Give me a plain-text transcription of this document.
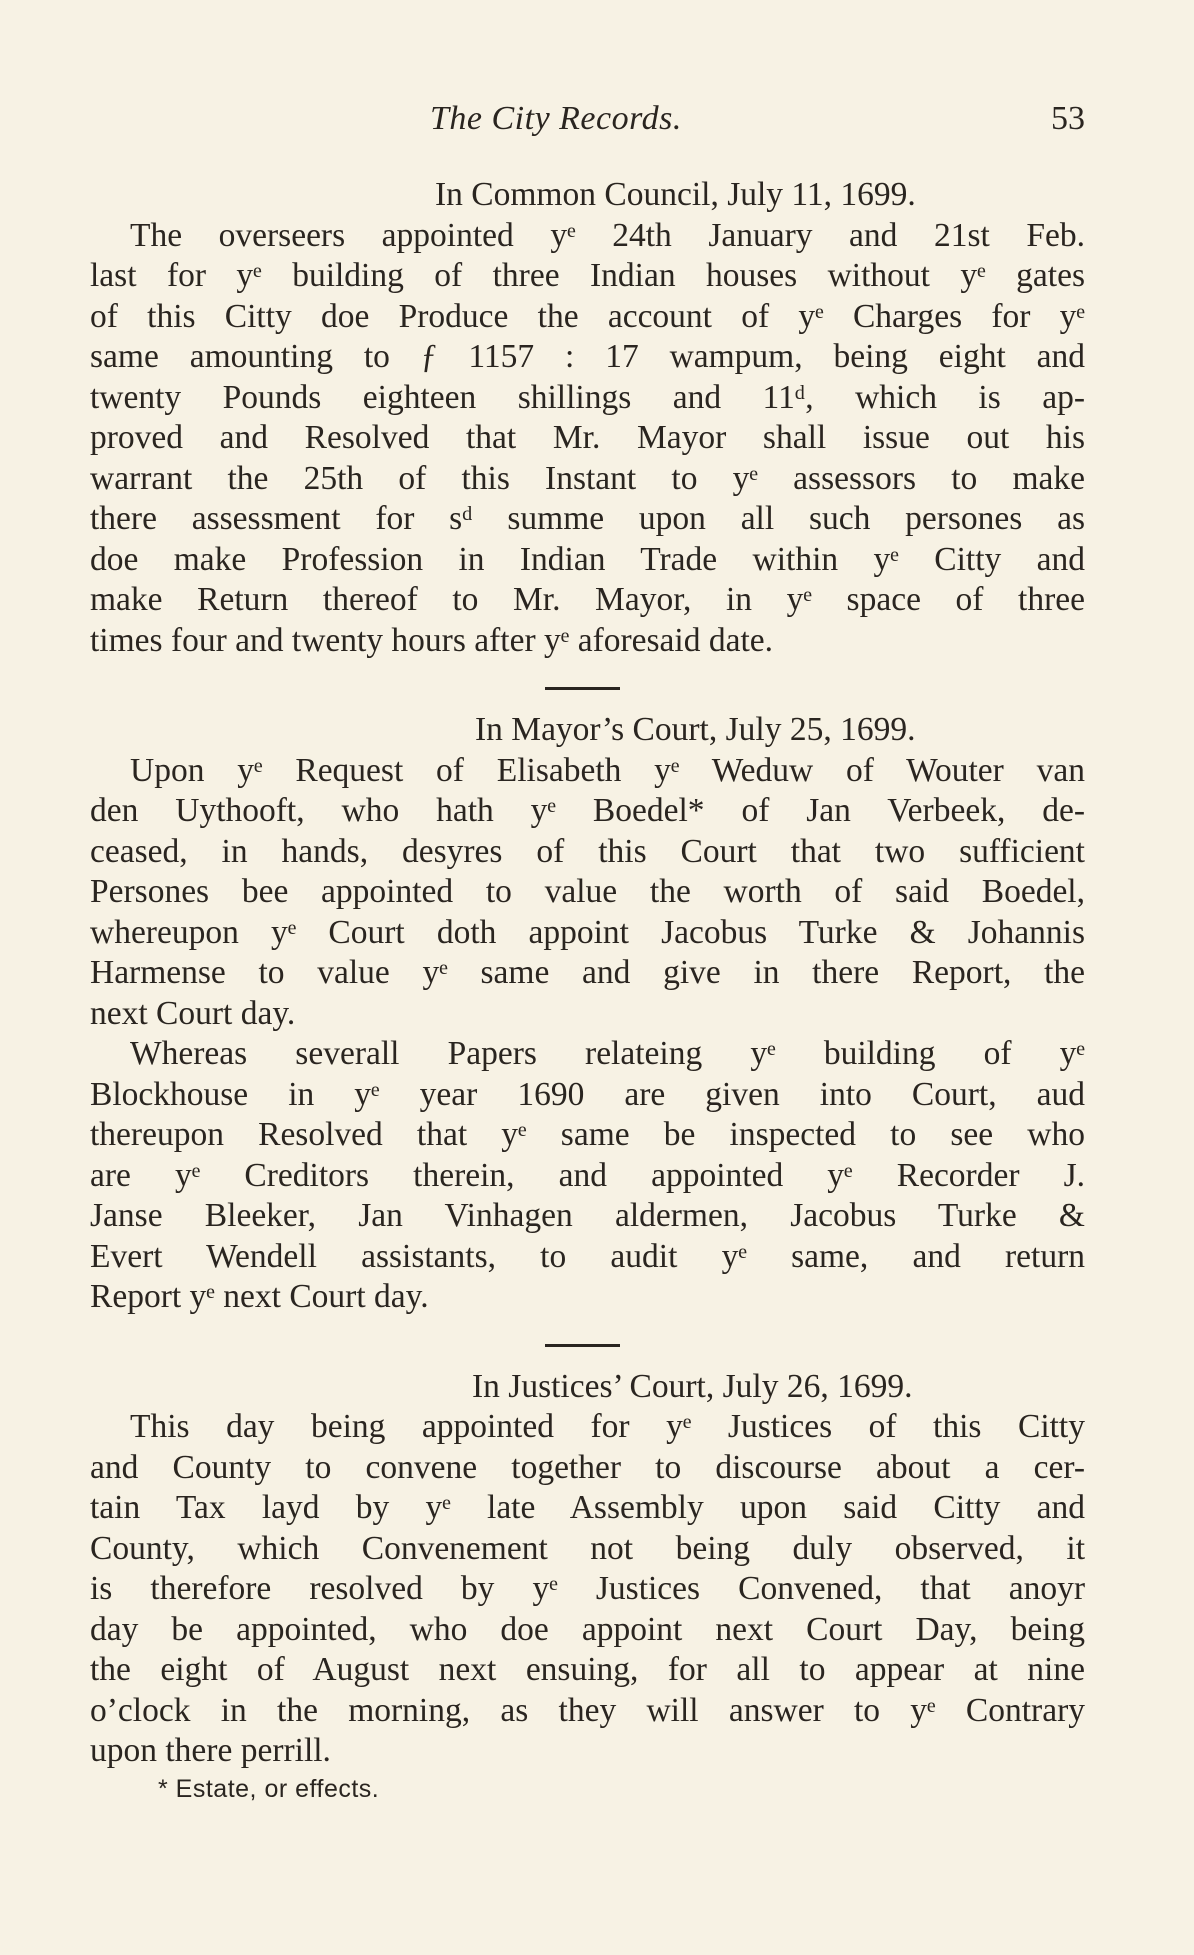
The City Records.	53
In Common Council, July 11, 1699.
The overseers appointed yᵉ 24th January and 21st Feb.
last for yᵉ building of three Indian houses without yᵉ gates
of this Citty doe Produce the account of yᵉ Charges for yᵉ
same amounting to ƒ 1157 : 17 wampum, being eight and
twenty Pounds eighteen shillings and 11ᵈ, which is ap-
proved and Resolved that Mr. Mayor shall issue out his
warrant the 25th of this Instant to yᵉ assessors to make
there assessment for sᵈ summe upon all such persones as
doe make Profession in Indian Trade within yᵉ Citty and
make Return thereof to Mr. Mayor, in yᵉ space of three
times four and twenty hours after yᵉ aforesaid date.
In Mayor’s Court, July 25, 1699.
Upon yᵉ Request of Elisabeth yᵉ Weduw of Wouter van
den Uythooft, who hath yᵉ Boedel* of Jan Verbeek, de-
ceased, in hands, desyres of this Court that two sufficient
Persones bee appointed to value the worth of said Boedel,
whereupon yᵉ Court doth appoint Jacobus Turke & Johannis
Harmense to value yᵉ same and give in there Report, the
next Court day.
Whereas severall Papers relateing yᵉ building of yᵉ
Blockhouse in yᵉ year 1690 are given into Court, aud
thereupon Resolved that yᵉ same be inspected to see who
are yᵉ Creditors therein, and appointed yᵉ Recorder J.
Janse Bleeker, Jan Vinhagen aldermen, Jacobus Turke &
Evert Wendell assistants, to audit yᵉ same, and return
Report yᵉ next Court day.
In Justices’ Court, July 26, 1699.
This day being appointed for yᵉ Justices of this Citty
and County to convene together to discourse about a cer-
tain Tax layd by yᵉ late Assembly upon said Citty and
County, which Convenement not being duly observed, it
is therefore resolved by yᵉ Justices Convened, that anoyr
day be appointed, who doe appoint next Court Day, being
the eight of August next ensuing, for all to appear at nine
o’clock in the morning, as they will answer to yᵉ Contrary
upon there perrill.
* Estate, or effects.
